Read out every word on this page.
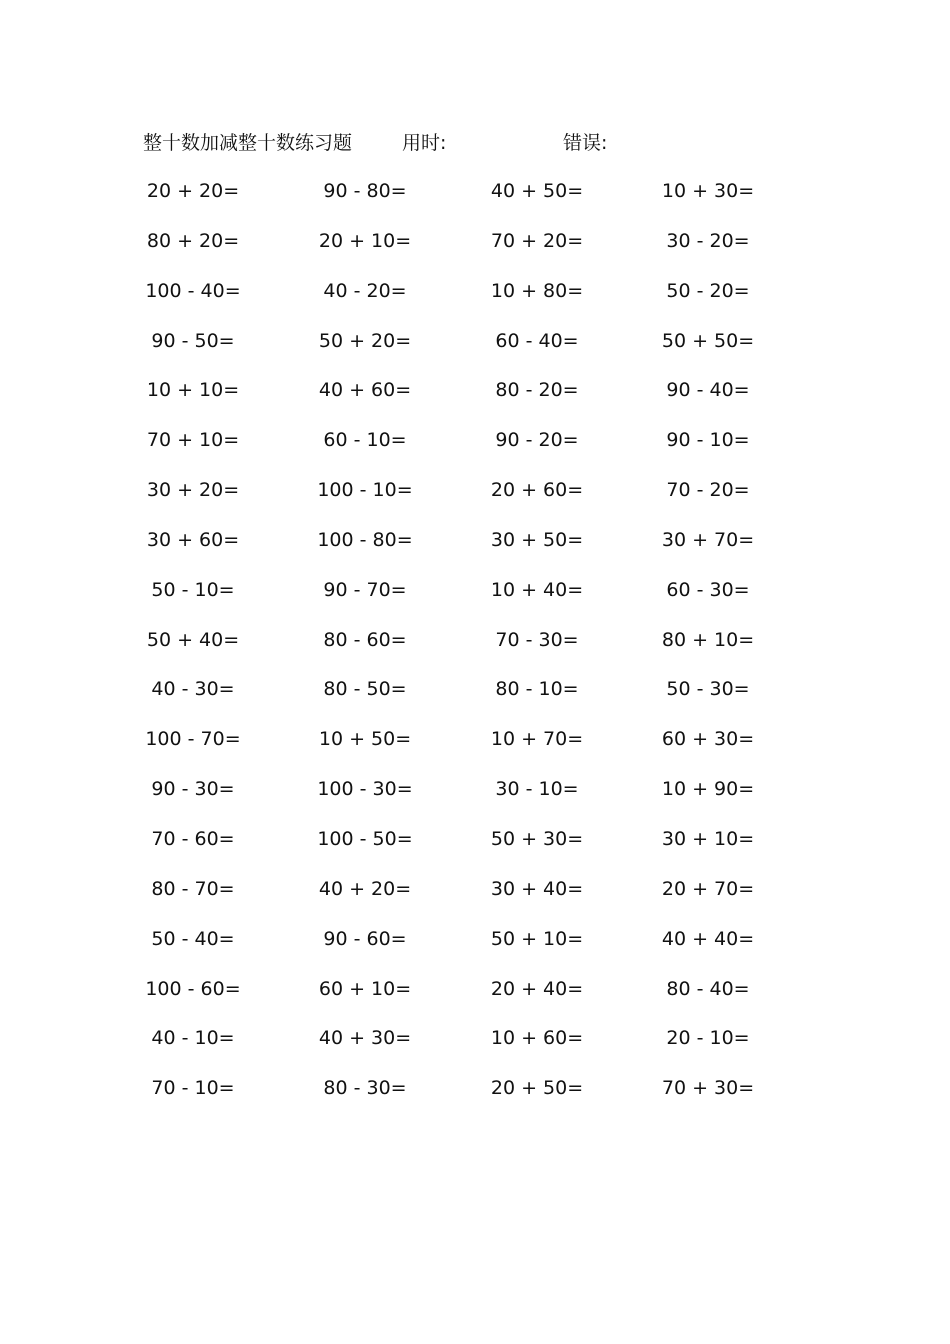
整十数加减整十数练习题	用时:	错误:
20 + 20=	90 - 80=	40 + 50=	10 + 30=
80 + 20=	20 + 10=	70 + 20=	30 - 20=
100 - 40=	40 - 20=	10 + 80=	50 - 20=
90 - 50=	50 + 20=	60 - 40=	50 + 50=
10 + 10=	40 + 60=	80 - 20=	90 - 40=
70 + 10=	60 - 10=	90 - 20=	90 - 10=
30 + 20=	100 - 10=	20 + 60=	70 - 20=
30 + 60=	100 - 80=	30 + 50=	30 + 70=
50 - 10=	90 - 70=	10 + 40=	60 - 30=
50 + 40=	80 - 60=	70 - 30=	80 + 10=
40 - 30=	80 - 50=	80 - 10=	50 - 30=
100 - 70=	10 + 50=	10 + 70=	60 + 30=
90 - 30=	100 - 30=	30 - 10=	10 + 90=
70 - 60=	100 - 50=	50 + 30=	30 + 10=
80 - 70=	40 + 20=	30 + 40=	20 + 70=
50 - 40=	90 - 60=	50 + 10=	40 + 40=
100 - 60=	60 + 10=	20 + 40=	80 - 40=
40 - 10=	40 + 30=	10 + 60=	20 - 10=
70 - 10=	80 - 30=	20 + 50=	70 + 30=
